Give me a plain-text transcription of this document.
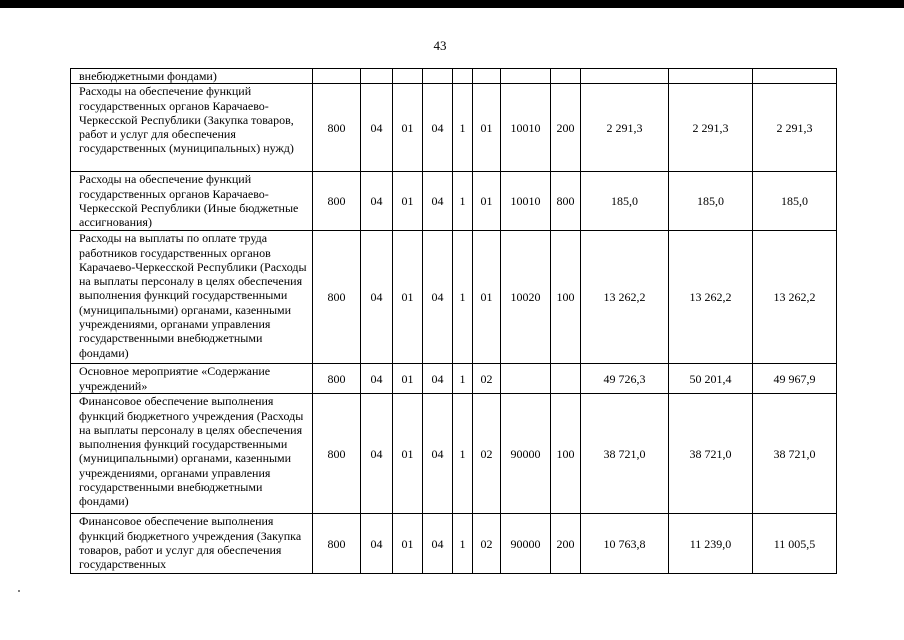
43
внебюджетными фондами)											
Расходы на обеспечение функций государственных органов Карачаево-Черкесской Республики (Закупка товаров, работ и услуг для обеспечения государственных (муниципальных) нужд)	800	04	01	04	1	01	10010	200	2 291,3	2 291,3	2 291,3
Расходы на обеспечение функций государственных органов Карачаево-Черкесской Республики (Иные бюджетные ассигнования)	800	04	01	04	1	01	10010	800	185,0	185,0	185,0
Расходы на выплаты по оплате труда работников государственных органов Карачаево-Черкесской Республики (Расходы на выплаты персоналу в целях обеспечения выполнения функций государственными (муниципальными) органами, казенными учреждениями, органами управления государственными внебюджетными фондами)	800	04	01	04	1	01	10020	100	13 262,2	13 262,2	13 262,2
Основное мероприятие «Содержание учреждений»	800	04	01	04	1	02			49 726,3	50 201,4	49 967,9
Финансовое обеспечение выполнения функций бюджетного учреждения (Расходы на выплаты персоналу в целях обеспечения выполнения функций государственными (муниципальными) органами, казенными учреждениями, органами управления государственными внебюджетными фондами)	800	04	01	04	1	02	90000	100	38 721,0	38 721,0	38 721,0
Финансовое обеспечение выполнения функций бюджетного учреждения (Закупка товаров, работ и услуг для обеспечения государственных	800	04	01	04	1	02	90000	200	10 763,8	11 239,0	11 005,5
